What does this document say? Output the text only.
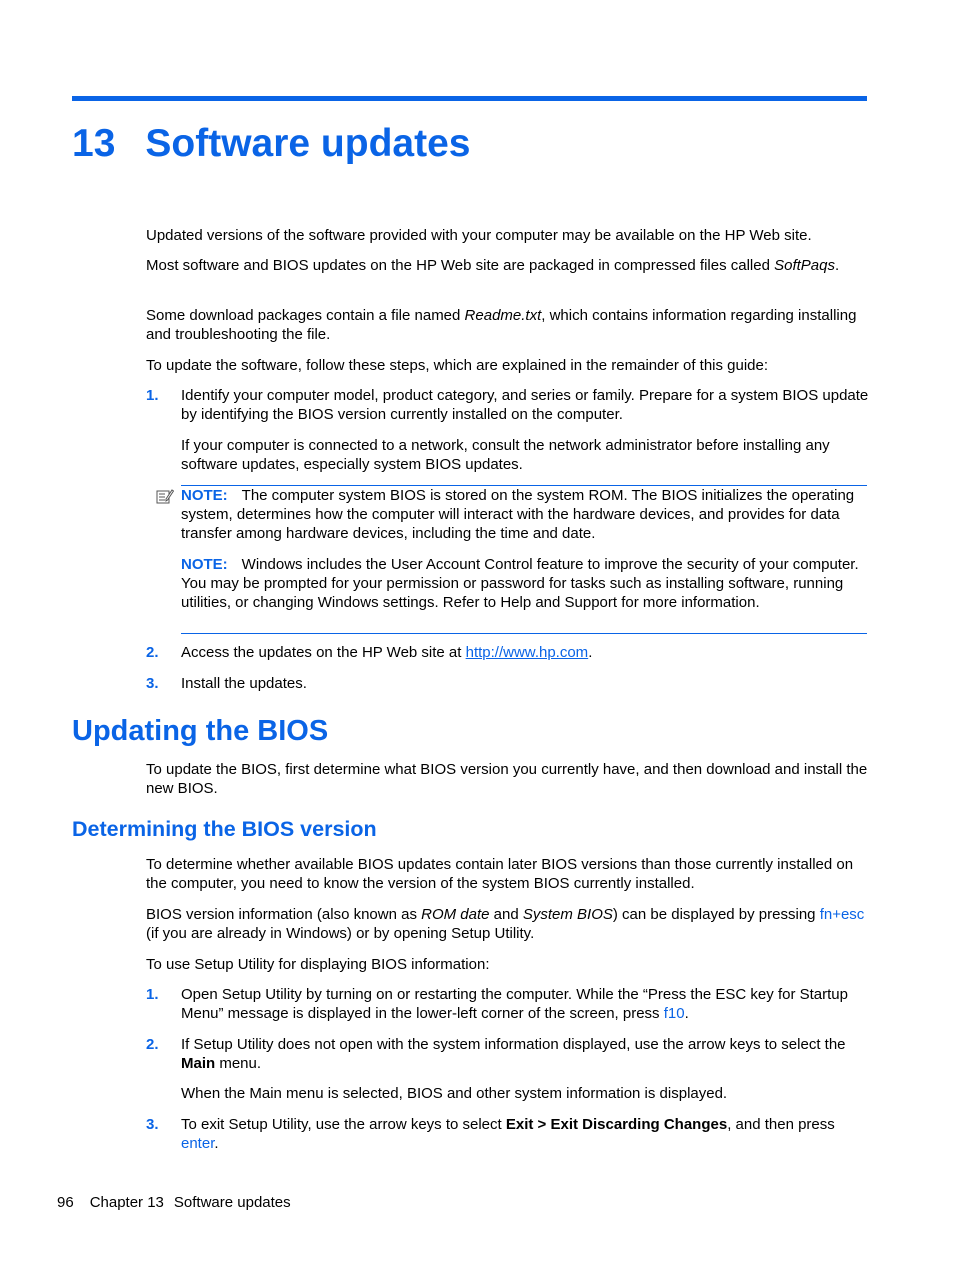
13 Software updates

Updated versions of the software provided with your computer may be available on the HP Web site.

Most software and BIOS updates on the HP Web site are packaged in compressed files called SoftPaqs.

Some download packages contain a file named Readme.txt, which contains information regarding installing and troubleshooting the file.

To update the software, follow these steps, which are explained in the remainder of this guide:

1. Identify your computer model, product category, and series or family. Prepare for a system BIOS update by identifying the BIOS version currently installed on the computer.

If your computer is connected to a network, consult the network administrator before installing any software updates, especially system BIOS updates.

NOTE: The computer system BIOS is stored on the system ROM. The BIOS initializes the operating system, determines how the computer will interact with the hardware devices, and provides for data transfer among hardware devices, including the time and date.

NOTE: Windows includes the User Account Control feature to improve the security of your computer. You may be prompted for your permission or password for tasks such as installing software, running utilities, or changing Windows settings. Refer to Help and Support for more information.

2. Access the updates on the HP Web site at http://www.hp.com.
3. Install the updates.
Updating the BIOS

To update the BIOS, first determine what BIOS version you currently have, and then download and install the new BIOS.

Determining the BIOS version

To determine whether available BIOS updates contain later BIOS versions than those currently installed on the computer, you need to know the version of the system BIOS currently installed.

BIOS version information (also known as ROM date and System BIOS) can be displayed by pressing fn+esc (if you are already in Windows) or by opening Setup Utility.

To use Setup Utility for displaying BIOS information:

1. Open Setup Utility by turning on or restarting the computer. While the “Press the ESC key for Startup Menu” message is displayed in the lower-left corner of the screen, press f10.
2. If Setup Utility does not open with the system information displayed, use the arrow keys to select the Main menu.

When the Main menu is selected, BIOS and other system information is displayed.

3. To exit Setup Utility, use the arrow keys to select Exit > Exit Discarding Changes, and then press enter.
96 Chapter 13 Software updates
